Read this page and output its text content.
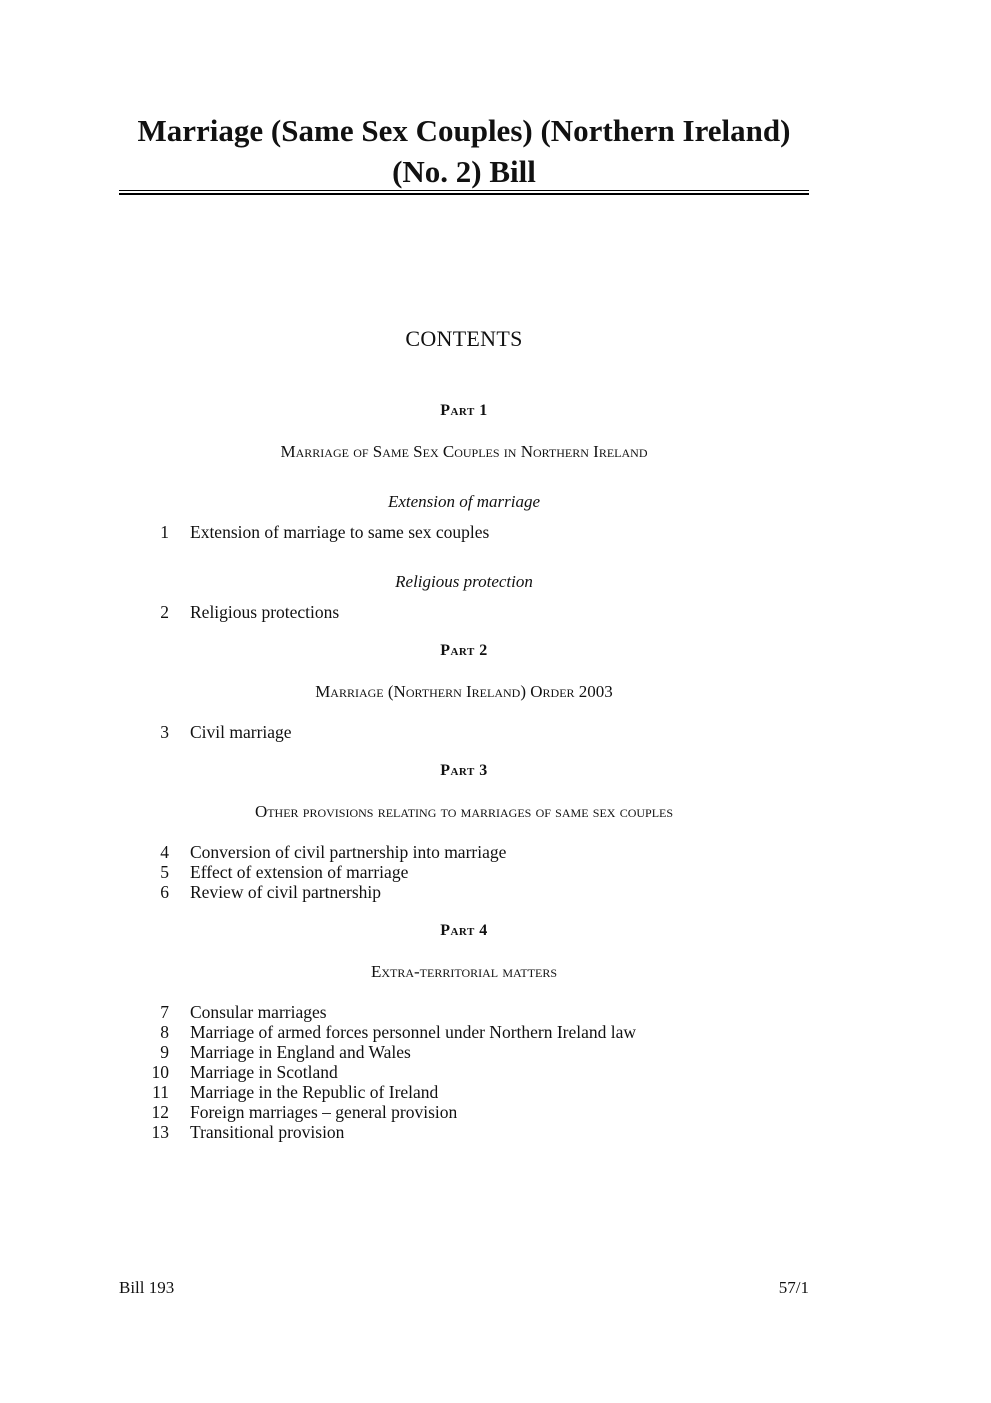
Marriage (Same Sex Couples) (Northern Ireland)
(No. 2) Bill
CONTENTS
Part 1
Marriage of Same Sex Couples in Northern Ireland
Extension of marriage
1 Extension of marriage to same sex couples
Religious protection
2 Religious protections
Part 2
Marriage (Northern Ireland) Order 2003
3 Civil marriage
Part 3
Other provisions relating to marriages of same sex couples
4 Conversion of civil partnership into marriage
5 Effect of extension of marriage
6 Review of civil partnership
Part 4
Extra-territorial matters
7 Consular marriages
8 Marriage of armed forces personnel under Northern Ireland law
9 Marriage in England and Wales
10 Marriage in Scotland
11 Marriage in the Republic of Ireland
12 Foreign marriages – general provision
13 Transitional provision
Bill 193	57/1
